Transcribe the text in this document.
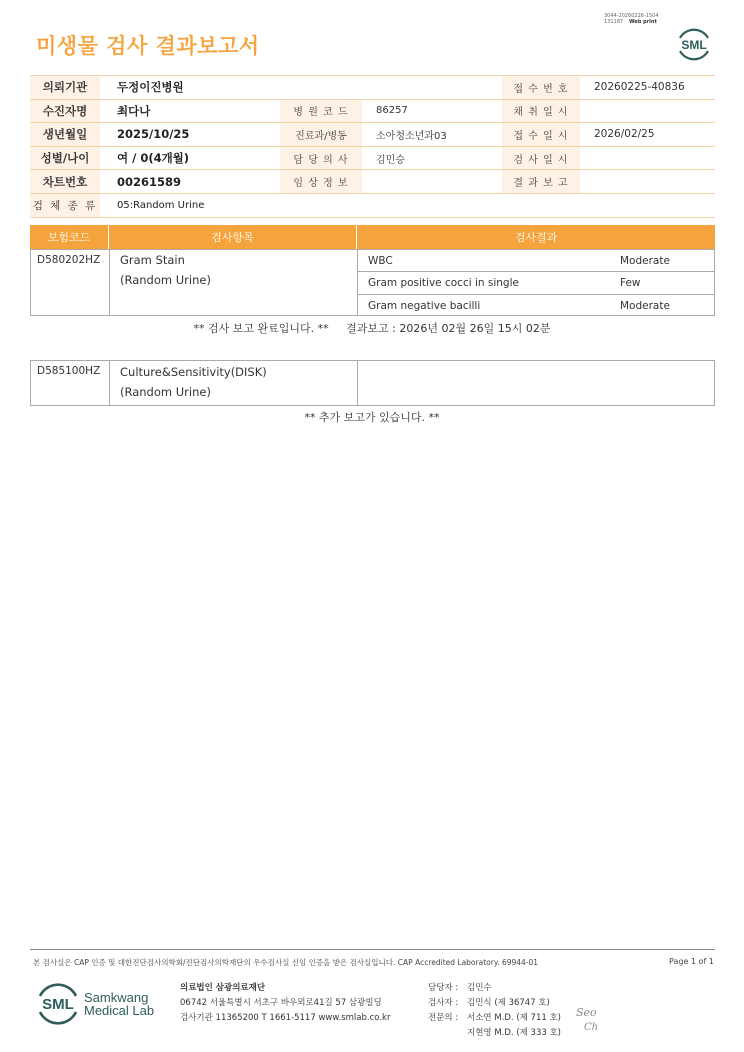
3044-20260226-1504
131187 Web print
미생물 검사 결과보고서	SML
의뢰기관	두정이진병원			접 수 번 호	20260225-40836
수진자명	최다나	병 원 코 드	86257	채 취 일 시	
생년월일	2025/10/25	진료과/병동	소아청소년과03	접 수 일 시	2026/02/25
성별/나이	여 / 0(4개월)	담 당 의 사	김민승	검 사 일 시	
차트번호	00261589	임 상 정 보		결 과 보 고	
검 체 종 류	05:Random Urine				
보험코드	검사항목	검사결과
D580202HZ	Gram Stain
(Random Urine)
WBC	Moderate
Gram positive cocci in single	Few
Gram negative bacilli	Moderate
** 검사 보고 완료입니다. ** 결과보고 : 2026년 02월 26일 15시 02분
D585100HZ	Culture&Sensitivity(DISK)
(Random Urine)
** 추가 보고가 있습니다. **
본 검사실은 CAP 인증 및 대한진단검사의학회/진단검사의학재단의 우수검사실 신임 인증을 받은 검사실입니다. CAP Accredited Laboratory. 69944-01	Page 1 of 1
SML Samkwang
Medical Lab
의료법인 삼광의료재단
06742 서울특별시 서초구 바우뫼로41길 57 삼광빌딩
검사기관 11365200 T 1661-5117 www.smlab.co.kr
담당자 :	김민수
검사자 :	김민식 (제 36747 호)
전문의 :	서소연 M.D. (제 711 호)
지현영 M.D. (제 333 호)
Seo
Ch
